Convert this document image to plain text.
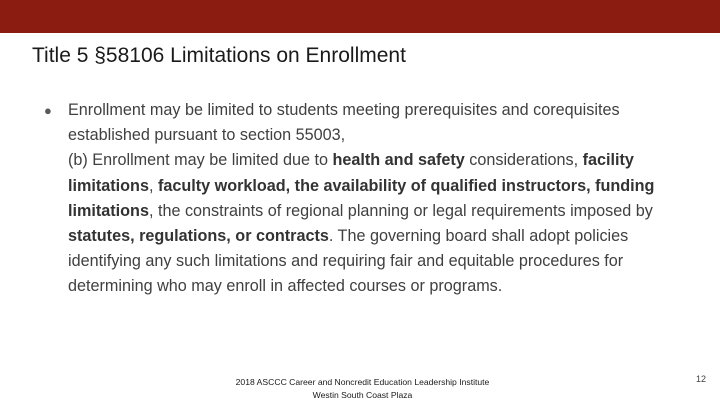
Title 5 §58106 Limitations on Enrollment
● Enrollment may be limited to students meeting prerequisites and corequisites established pursuant to section 55003,
(b) Enrollment may be limited due to health and safety considerations, facility limitations, faculty workload, the availability of qualified instructors, funding limitations, the constraints of regional planning or legal requirements imposed by statutes, regulations, or contracts. The governing board shall adopt policies identifying any such limitations and requiring fair and equitable procedures for determining who may enroll in affected courses or programs.
2018 ASCCC Career and Noncredit Education Leadership Institute
Westin South Coast Plaza
12
